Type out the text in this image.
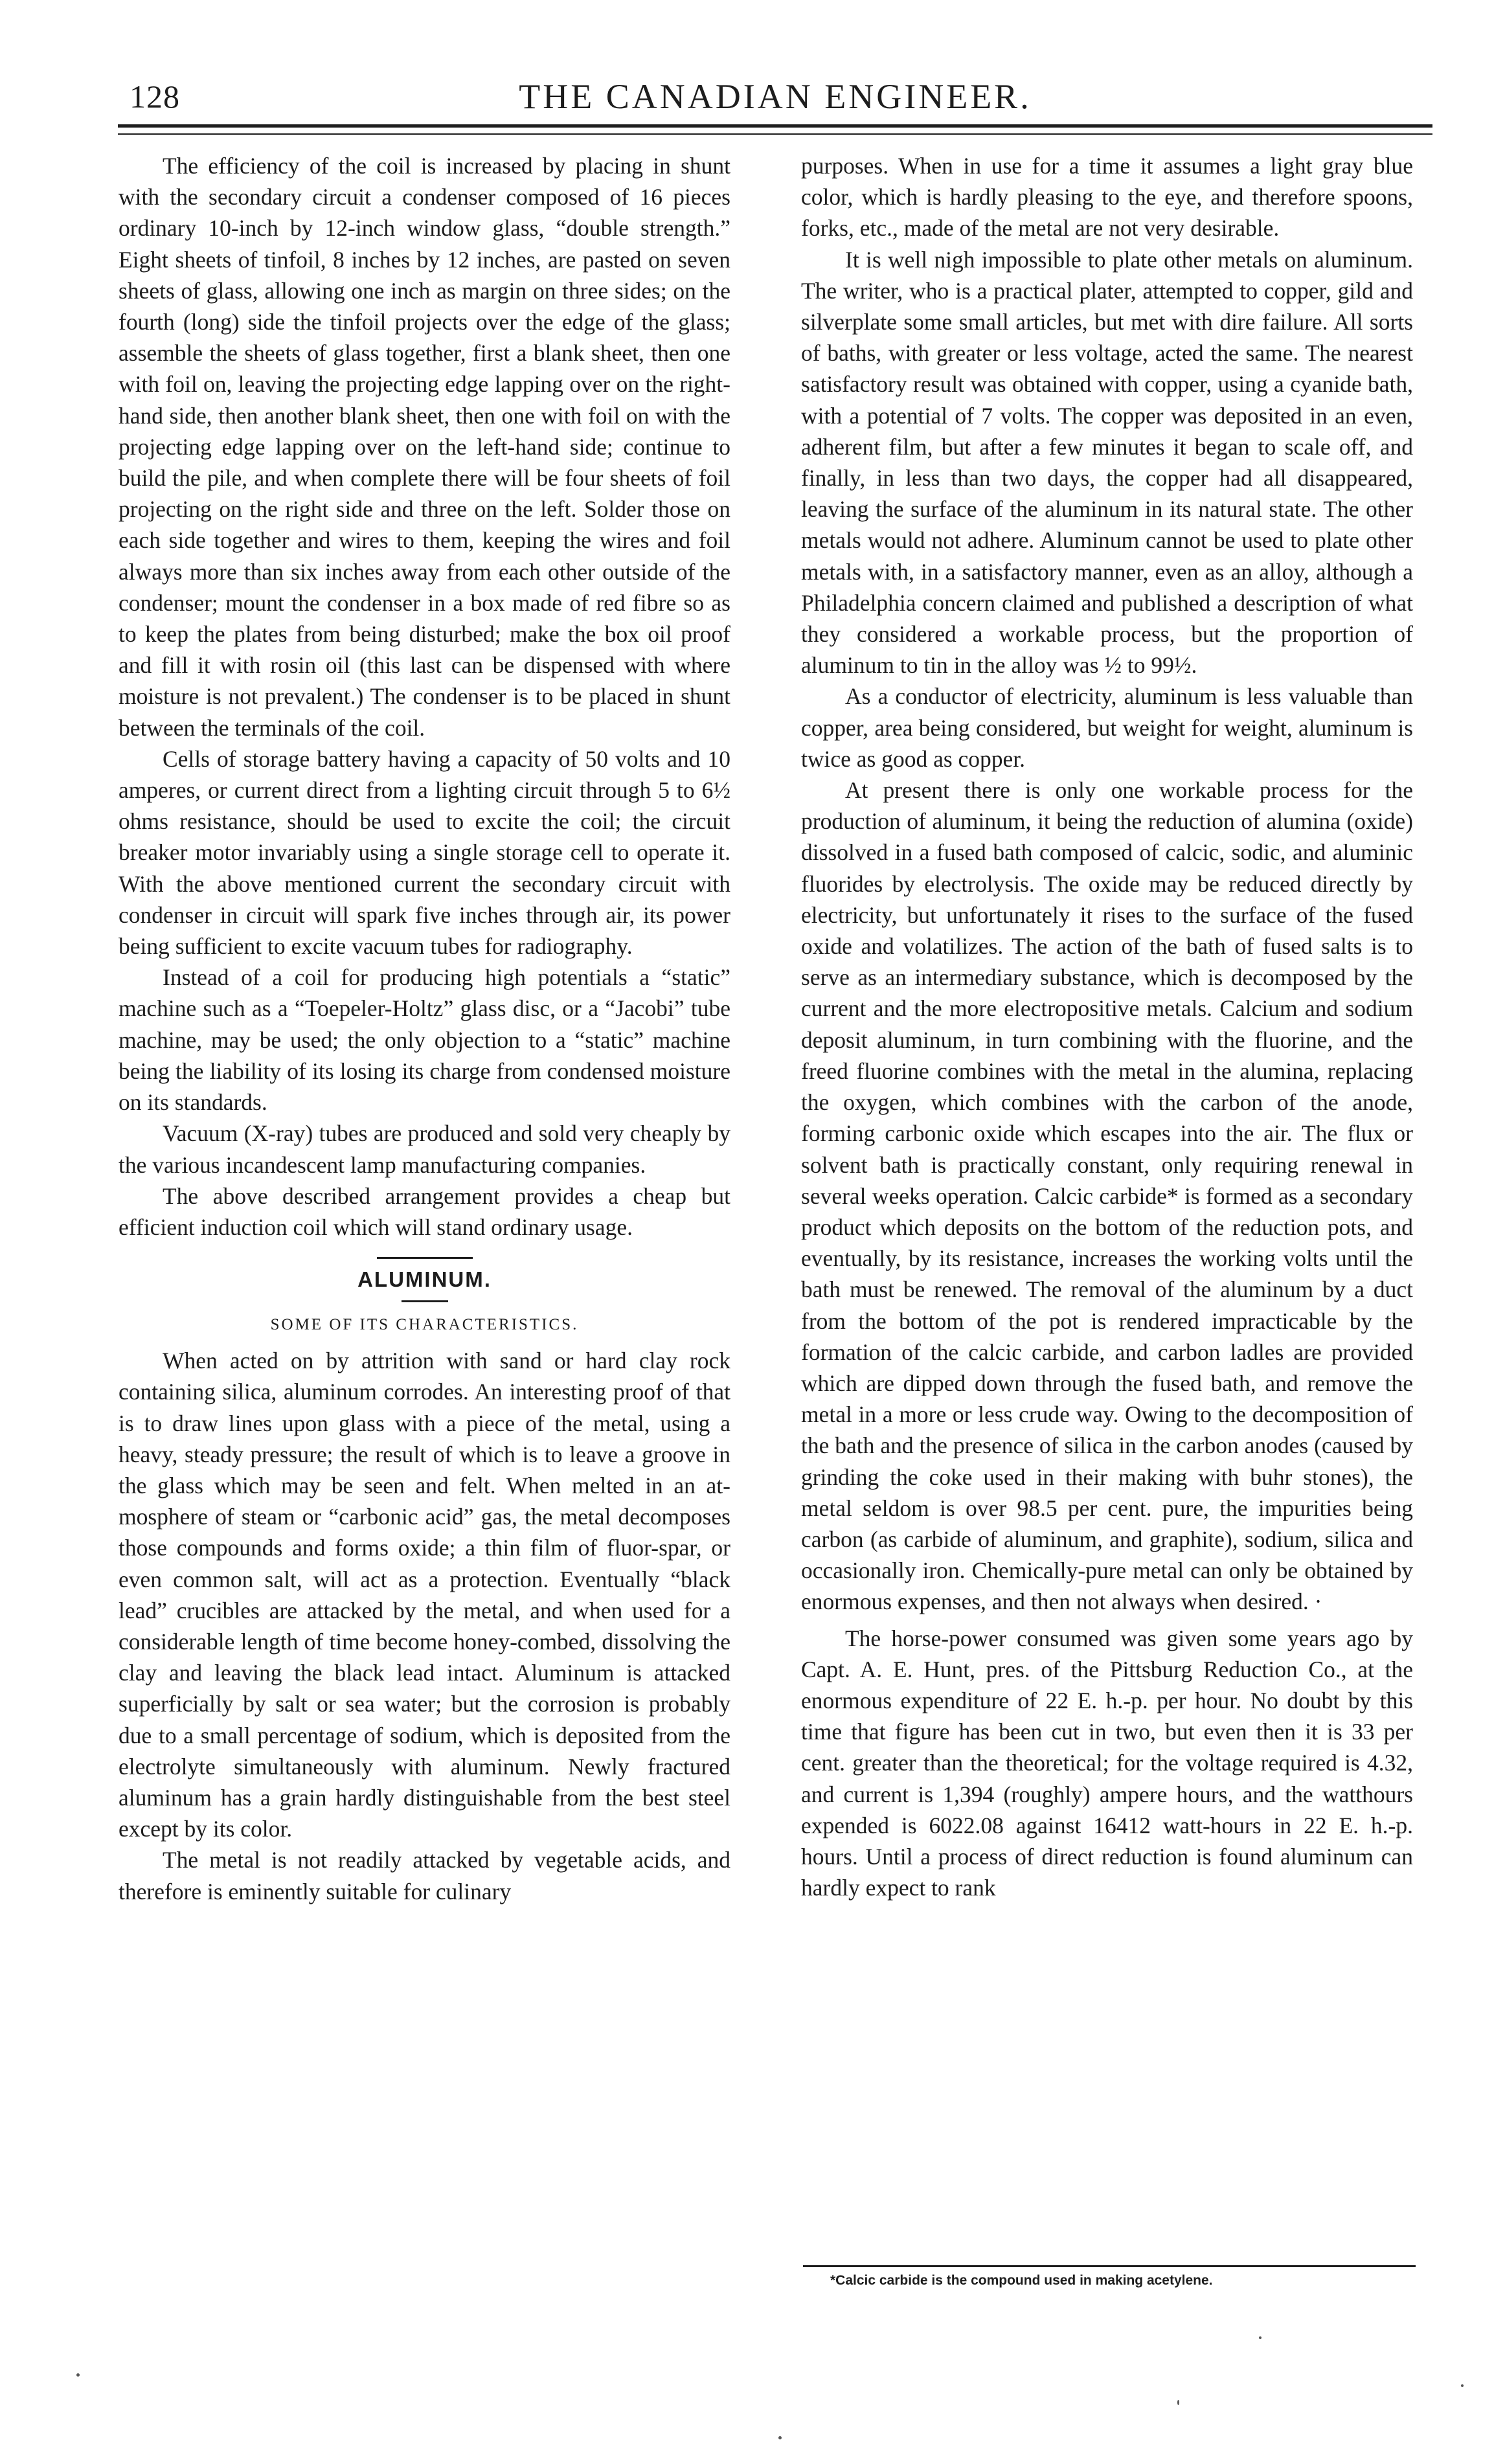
128	THE CANADIAN ENGINEER.

The efficiency of the coil is increased by placing in shunt with the secondary circuit a condenser composed of 16 pieces ordinary 10-inch by 12-inch window glass, “double strength.” Eight sheets of tinfoil, 8 inches by 12 inches, are pasted on seven sheets of glass, allowing one inch as margin on three sides; on the fourth (long) side the tinfoil projects over the edge of the glass; assemble the sheets of glass together, first a blank sheet, then one with foil on, leaving the projecting edge lapping over on the right-hand side, then another blank sheet, then one with foil on with the projecting edge lapping over on the left-hand side; continue to build the pile, and when complete there will be four sheets of foil projecting on the right side and three on the left. Solder those on each side together and wires to them, keeping the wires and foil always more than six inches away from each other outside of the condenser; mount the condenser in a box made of red fibre so as to keep the plates from being disturbed; make the box oil proof and fill it with rosin oil (this last can be dispensed with where moisture is not prevalent.) The condenser is to be placed in shunt between the terminals of the coil.

Cells of storage battery having a capacity of 50 volts and 10 amperes, or current direct from a lighting circuit through 5 to 6½ ohms resistance, should be used to excite the coil; the circuit breaker motor invariably using a single storage cell to operate it. With the above mentioned current the secondary circuit with condenser in circuit will spark five inches through air, its power being sufficient to excite vacuum tubes for radiography.

Instead of a coil for producing high potentials a “static” machine such as a “Toepeler-Holtz” glass disc, or a “Jacobi” tube machine, may be used; the only objection to a “static” machine being the liability of its losing its charge from condensed moisture on its standards.

Vacuum (X-ray) tubes are produced and sold very cheaply by the various incandescent lamp manufacturing companies.

The above described arrangement provides a cheap but efficient induction coil which will stand ordinary usage.

ALUMINUM.
SOME OF ITS CHARACTERISTICS.

When acted on by attrition with sand or hard clay rock containing silica, aluminum corrodes. An interesting proof of that is to draw lines upon glass with a piece of the metal, using a heavy, steady pressure; the result of which is to leave a groove in the glass which may be seen and felt. When melted in an atmosphere of steam or “carbonic acid” gas, the metal decomposes those compounds and forms oxide; a thin film of fluor-spar, or even common salt, will act as a protection. Eventually “black lead” crucibles are attacked by the metal, and when used for a considerable length of time become honey-combed, dissolving the clay and leaving the black lead intact. Aluminum is attacked superficially by salt or sea water; but the corrosion is probably due to a small percentage of sodium, which is deposited from the electrolyte simultaneously with aluminum. Newly fractured aluminum has a grain hardly distinguishable from the best steel except by its color.

The metal is not readily attacked by vegetable acids, and therefore is eminently suitable for culinary

purposes. When in use for a time it assumes a light gray blue color, which is hardly pleasing to the eye, and therefore spoons, forks, etc., made of the metal are not very desirable.

It is well nigh impossible to plate other metals on aluminum. The writer, who is a practical plater, attempted to copper, gild and silverplate some small articles, but met with dire failure. All sorts of baths, with greater or less voltage, acted the same. The nearest satisfactory result was obtained with copper, using a cyanide bath, with a potential of 7 volts. The copper was deposited in an even, adherent film, but after a few minutes it began to scale off, and finally, in less than two days, the copper had all disappeared, leaving the surface of the aluminum in its natural state. The other metals would not adhere. Aluminum cannot be used to plate other metals with, in a satisfactory manner, even as an alloy, although a Philadelphia concern claimed and published a description of what they considered a workable process, but the proportion of aluminum to tin in the alloy was ½ to 99½.

As a conductor of electricity, aluminum is less valuable than copper, area being considered, but weight for weight, aluminum is twice as good as copper.

At present there is only one workable process for the production of aluminum, it being the reduction of alumina (oxide) dissolved in a fused bath composed of calcic, sodic, and aluminic fluorides by electrolysis. The oxide may be reduced directly by electricity, but unfortunately it rises to the surface of the fused oxide and volatilizes. The action of the bath of fused salts is to serve as an intermediary substance, which is decomposed by the current and the more electropositive metals. Calcium and sodium deposit aluminum, in turn combining with the fluorine, and the freed fluorine combines with the metal in the alumina, replacing the oxygen, which combines with the carbon of the anode, forming carbonic oxide which escapes into the air. The flux or solvent bath is practically constant, only requiring renewal in several weeks operation. Calcic carbide* is formed as a secondary product which deposits on the bottom of the reduction pots, and eventually, by its resistance, increases the working volts until the bath must be renewed. The removal of the aluminum by a duct from the bottom of the pot is rendered impracticable by the formation of the calcic carbide, and carbon ladles are provided which are dipped down through the fused bath, and remove the metal in a more or less crude way. Owing to the decomposition of the bath and the presence of silica in the carbon anodes (caused by grinding the coke used in their making with buhr stones), the metal seldom is over 98.5 per cent. pure, the impurities being carbon (as carbide of aluminum, and graphite), sodium, silica and occasionally iron. Chemically-pure metal can only be obtained by enormous expenses, and then not always when desired. ·

The horse-power consumed was given some years ago by Capt. A. E. Hunt, pres. of the Pittsburg Reduction Co., at the enormous expenditure of 22 E. h.-p. per hour. No doubt by this time that figure has been cut in two, but even then it is 33 per cent. greater than the theoretical; for the voltage required is 4.32, and current is 1,394 (roughly) ampere hours, and the watthours expended is 6022.08 against 16412 watt-hours in 22 E. h.-p. hours. Until a process of direct reduction is found aluminum can hardly expect to rank

*Calcic carbide is the compound used in making acetylene.
